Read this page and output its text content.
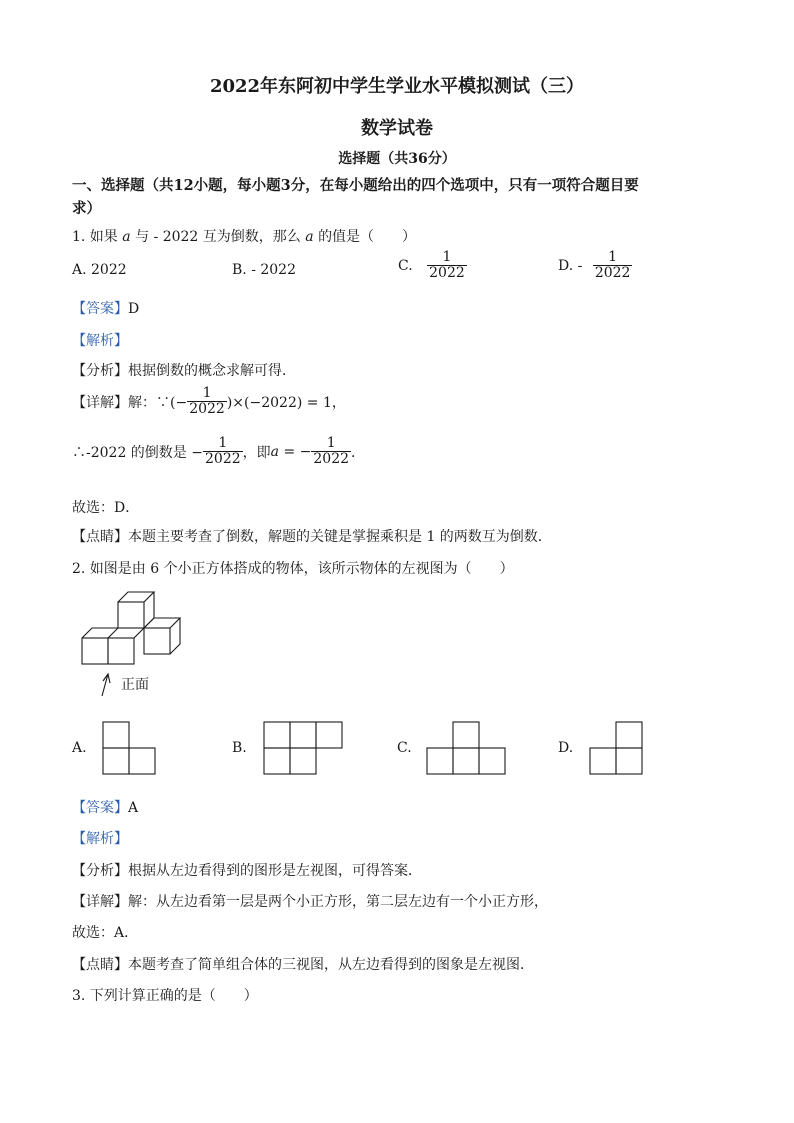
2022年东阿初中学生学业水平模拟测试（三）
数学试卷
选择题（共36分）
一、选择题（共12小题，每小题3分，在每小题给出的四个选项中，只有一项符合题目要
求）
1. 如果 a 与 - 2022 互为倒数，那么 a 的值是（　　）
A. 2022	B. - 2022	C. $\frac{1}{2022}$	D. - $\frac{1}{2022}$
【答案】D
【解析】
【分析】根据倒数的概念求解可得．
【详解】解：∵(− $\frac{1}{2022} )\times(-2022) = 1$，
∴-2022 的倒数是 − $\frac{1}{2022}$ ，即a = − $\frac{1}{2022}$ ．
故选：D．
【点睛】本题主要考查了倒数，解题的关键是掌握乘积是 1 的两数互为倒数．
2. 如图是由 6 个小正方体搭成的物体，该所示物体的左视图为（　　）
正面
A.	B.	C.	D.
【答案】A
【解析】
【分析】根据从左边看得到的图形是左视图，可得答案．
【详解】解：从左边看第一层是两个小正方形，第二层左边有一个小正方形，
故选：A．
【点睛】本题考查了简单组合体的三视图，从左边看得到的图象是左视图．
3. 下列计算正确的是（　　）
